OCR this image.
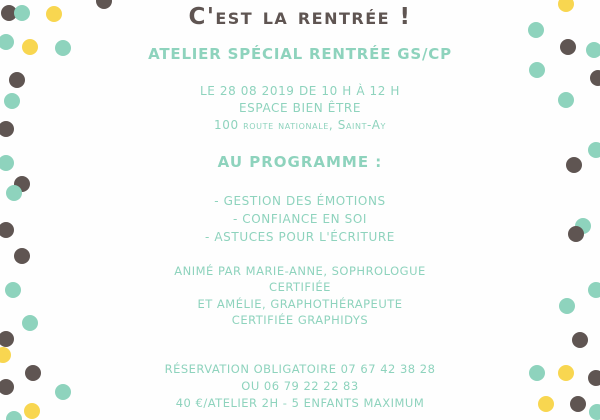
C'est la rentrée !

ATELIER SPÉCIAL RENTRÉE GS/CP

LE 28 08 2019 DE 10 H À 12 H

ESPACE BIEN ÊTRE

100 route nationale, Saint-Ay

AU PROGRAMME :

- GESTION DES ÉMOTIONS

- CONFIANCE EN SOI

- ASTUCES POUR L'ÉCRITURE

ANIMÉ PAR MARIE-ANNE, SOPHROLOGUE

CERTIFIÉE

ET AMÉLIE, GRAPHOTHÉRAPEUTE

CERTIFIÉE GRAPHIDYS

RÉSERVATION OBLIGATOIRE 07 67 42 38 28

OU 06 79 22 22 83

40 €/ATELIER 2H - 5 ENFANTS MAXIMUM
